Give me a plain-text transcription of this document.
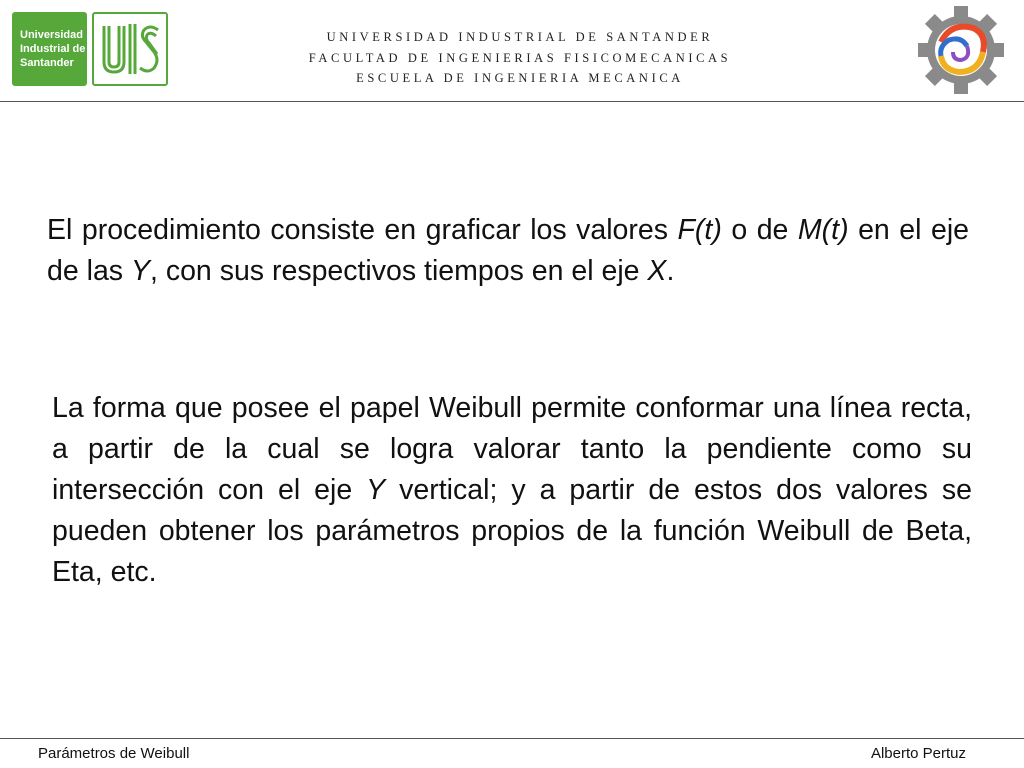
Universidad
Industrial de
Santander
UNIVERSIDAD INDUSTRIAL DE SANTANDER
FACULTAD DE INGENIERIAS FISICOMECANICAS
ESCUELA DE INGENIERIA MECANICA
El procedimiento consiste en graficar los valores F(t) o de M(t) en el eje de las Y, con sus respectivos tiempos en el eje X.
La forma que posee el papel Weibull permite conformar una línea recta, a partir de la cual se logra valorar tanto la pendiente como su intersección con el eje Y vertical; y a partir de estos dos valores se pueden obtener los parámetros propios de la función Weibull de Beta, Eta, etc.
Parámetros de Weibull	Alberto Pertuz
